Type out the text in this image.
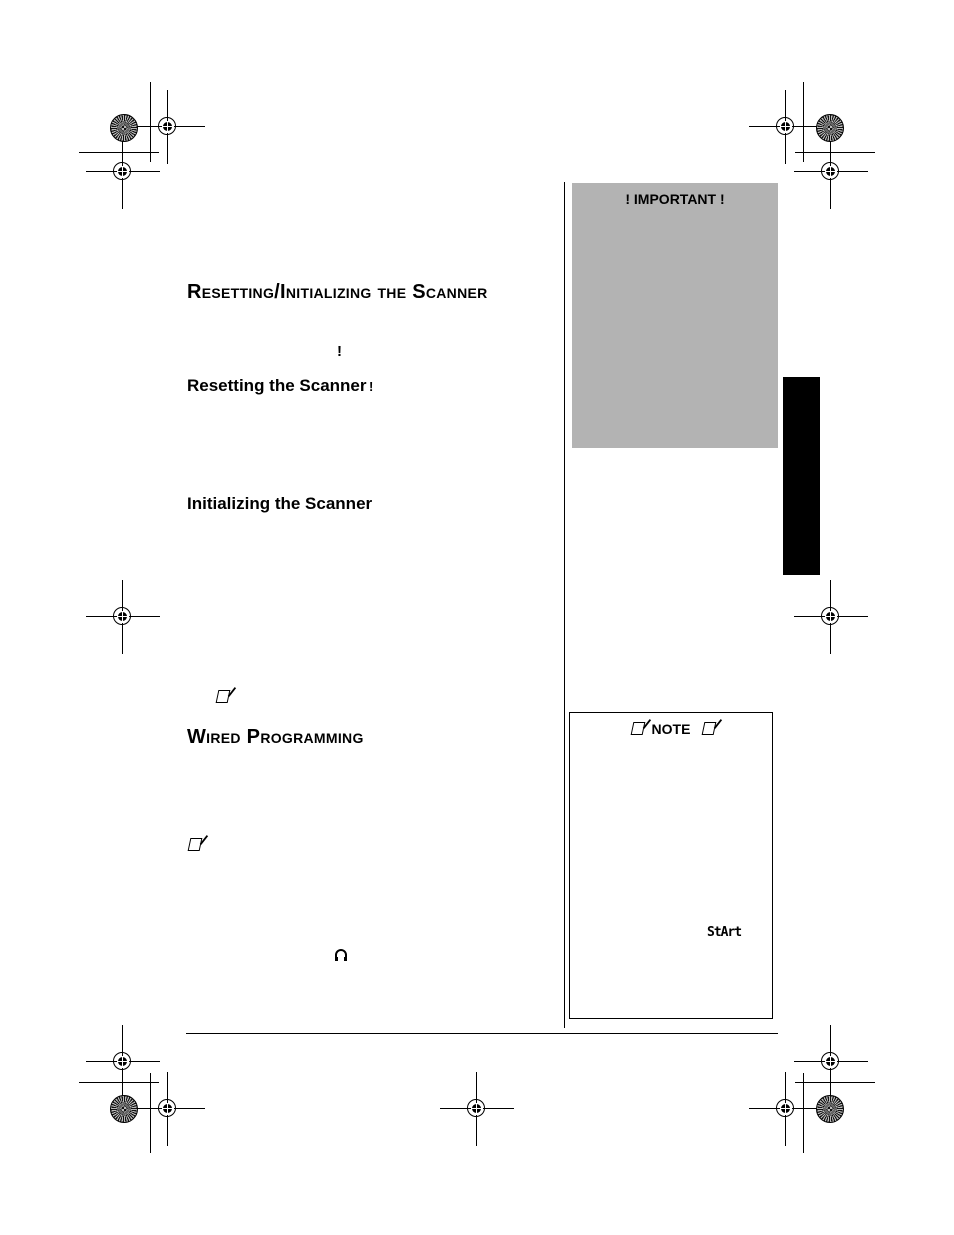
Resetting/Initializing the Scanner
!
Resetting the Scanner !
Initializing the Scanner
Wired Programming
! IMPORTANT !
NOTE
StArt
